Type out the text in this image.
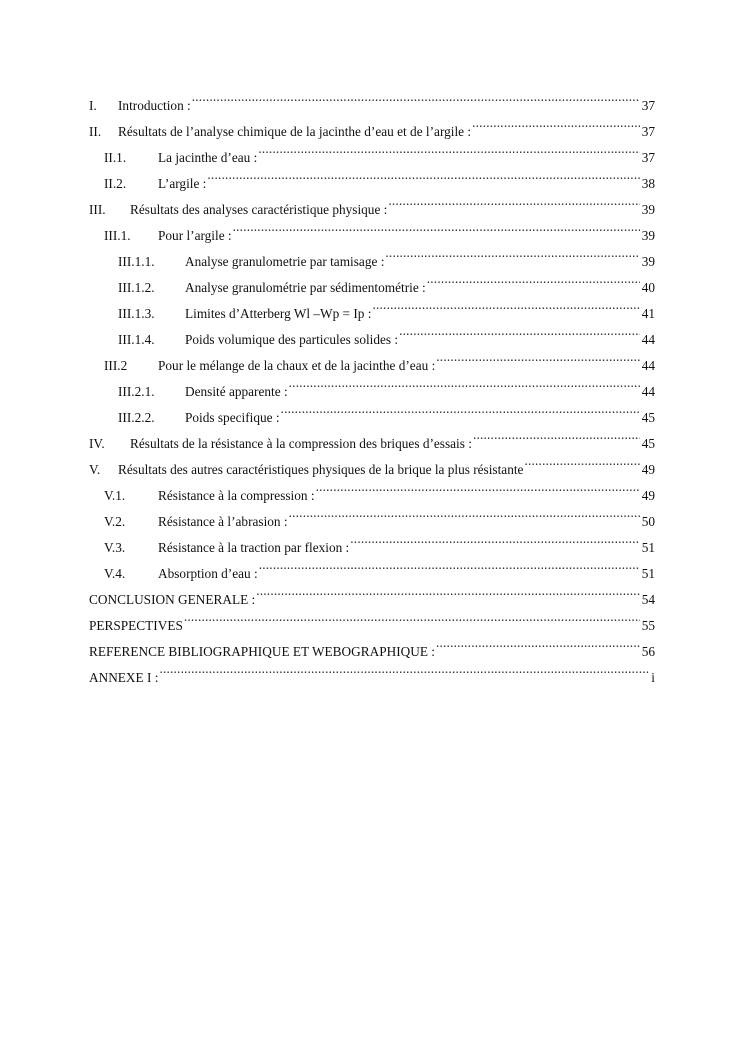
I.	Introduction : .....	37
II.	Résultats de l’analyse chimique de la jacinthe d’eau et de l’argile : .....	37
II.1.	La jacinthe d’eau : .....	37
II.2.	L’argile : .....	38
III.	Résultats des analyses caractéristique physique : .....	39
III.1.	Pour l’argile : .....	39
III.1.1.	Analyse granulometrie par tamisage : .....	39
III.1.2.	Analyse granulométrie par sédimentométrie : .....	40
III.1.3.	Limites d’Atterberg Wl –Wp = Ip : .....	41
III.1.4.	Poids volumique des particules solides : .....	44
III.2	Pour le mélange de la chaux et de la jacinthe d’eau : .....	44
III.2.1.	Densité apparente : .....	44
III.2.2.	Poids specifique : .....	45
IV.	Résultats de la résistance à la compression des briques d’essais : .....	45
V.	Résultats des autres caractéristiques physiques de la brique la plus résistante .....	49
V.1.	Résistance à la compression : .....	49
V.2.	Résistance à l’abrasion : .....	50
V.3.	Résistance à la traction par flexion : .....	51
V.4.	Absorption d’eau : .....	51
CONCLUSION GENERALE : .....	54
PERSPECTIVES .....	55
REFERENCE BIBLIOGRAPHIQUE ET WEBOGRAPHIQUE : .....	56
ANNEXE I : .....	i
